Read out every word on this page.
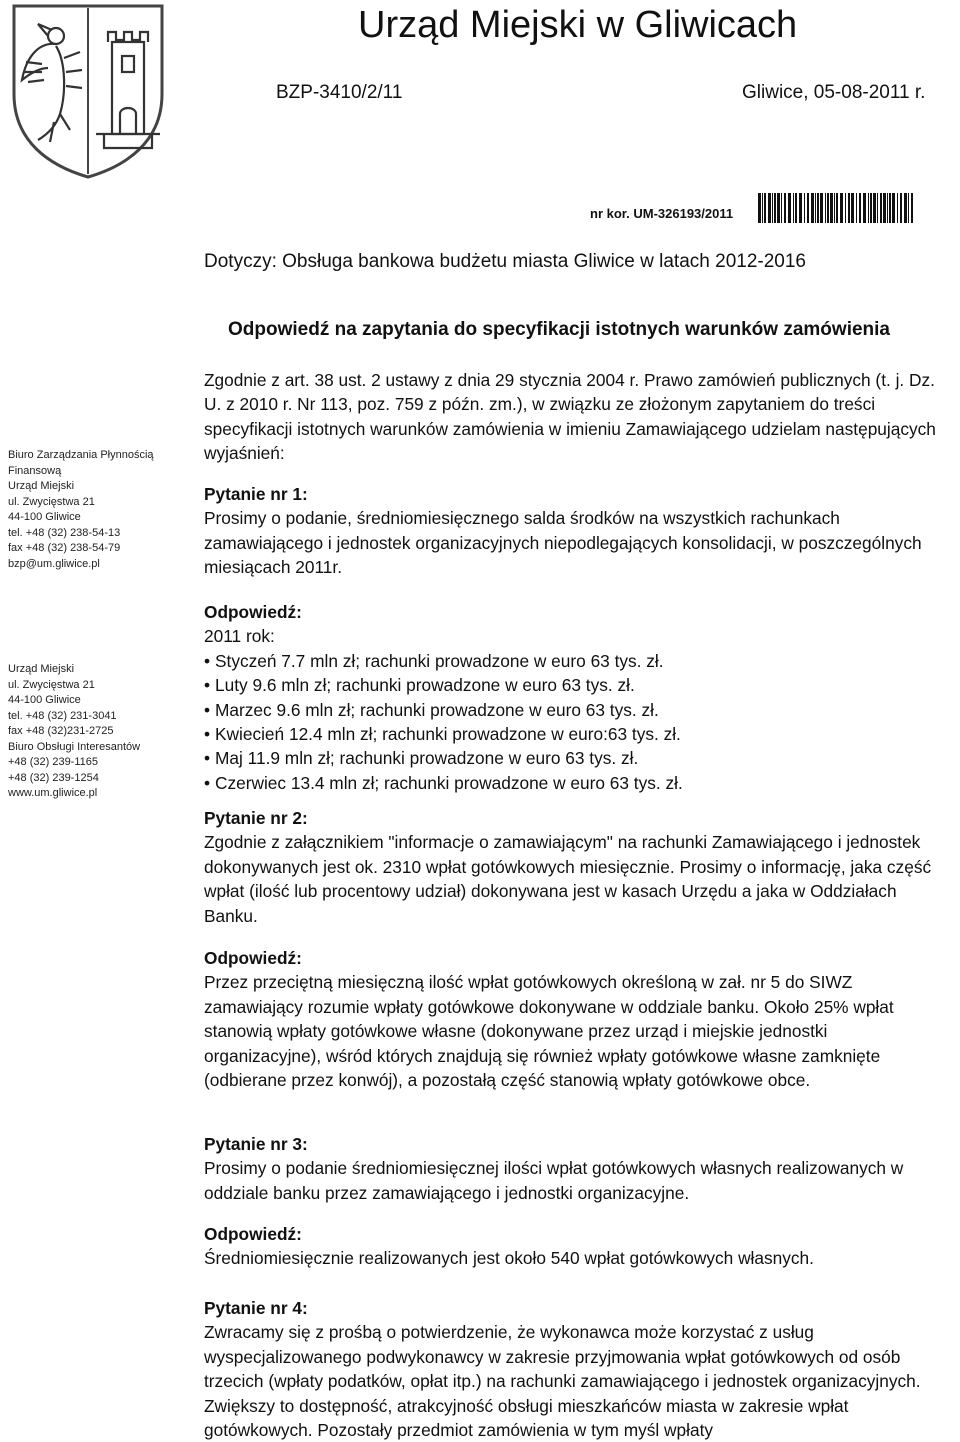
Urząd Miejski w Gliwicach
BZP-3410/2/11	Gliwice, 05-08-2011 r.
nr kor. UM-326193/2011
Dotyczy: Obsługa bankowa budżetu miasta Gliwice w latach 2012-2016
Odpowiedź na zapytania do specyfikacji istotnych warunków zamówienia
Biuro Zarządzania Płynnością
Finansową
Urząd Miejski
ul. Zwycięstwa 21
44-100 Gliwice
tel. +48 (32) 238-54-13
fax +48 (32) 238-54-79
bzp@um.gliwice.pl
Urząd Miejski
ul. Zwycięstwa 21
44-100 Gliwice
tel. +48 (32) 231-3041
fax +48 (32)231-2725
Biuro Obsługi Interesantów
+48 (32) 239-1165
+48 (32) 239-1254
www.um.gliwice.pl

Zgodnie z art. 38 ust. 2 ustawy z dnia 29 stycznia 2004 r. Prawo zamówień publicznych (t. j. Dz. U. z 2010 r. Nr 113, poz. 759 z późn. zm.), w związku ze złożonym zapytaniem do treści specyfikacji istotnych warunków zamówienia w imieniu Zamawiającego udzielam następujących wyjaśnień:

Pytanie nr 1:

Prosimy o podanie, średniomiesięcznego salda środków na wszystkich rachunkach zamawiającego i jednostek organizacyjnych niepodlegających konsolidacji, w poszczególnych miesiącach 2011r.

Odpowiedź:

2011 rok:

• Styczeń 7.7 mln zł; rachunki prowadzone w euro 63 tys. zł.
• Luty 9.6 mln zł; rachunki prowadzone w euro 63 tys. zł.
• Marzec 9.6 mln zł; rachunki prowadzone w euro 63 tys. zł.
• Kwiecień 12.4 mln zł; rachunki prowadzone w euro:63 tys. zł.
• Maj 11.9 mln zł; rachunki prowadzone w euro 63 tys. zł.
• Czerwiec 13.4 mln zł; rachunki prowadzone w euro 63 tys. zł.

Pytanie nr 2:

Zgodnie z załącznikiem "informacje o zamawiającym" na rachunki Zamawiającego i jednostek dokonywanych jest ok. 2310 wpłat gotówkowych miesięcznie. Prosimy o informację, jaka część wpłat (ilość lub procentowy udział) dokonywana jest w kasach Urzędu a jaka w Oddziałach Banku.

Odpowiedź:

Przez przeciętną miesięczną ilość wpłat gotówkowych określoną w zał. nr 5 do SIWZ zamawiający rozumie wpłaty gotówkowe dokonywane w oddziale banku. Około 25% wpłat stanowią wpłaty gotówkowe własne (dokonywane przez urząd i miejskie jednostki organizacyjne), wśród których znajdują się również wpłaty gotówkowe własne zamknięte (odbierane przez konwój), a pozostałą część stanowią wpłaty gotówkowe obce.

Pytanie nr 3:

Prosimy o podanie średniomiesięcznej ilości wpłat gotówkowych własnych realizowanych w oddziale banku przez zamawiającego i jednostki organizacyjne.

Odpowiedź:

Średniomiesięcznie realizowanych jest około 540 wpłat gotówkowych własnych.

Pytanie nr 4:

Zwracamy się z prośbą o potwierdzenie, że wykonawca może korzystać z usług wyspecjalizowanego podwykonawcy w zakresie przyjmowania wpłat gotówkowych od osób trzecich (wpłaty podatków, opłat itp.) na rachunki zamawiającego i jednostek organizacyjnych. Zwiększy to dostępność, atrakcyjność obsługi mieszkańców miasta w zakresie wpłat gotówkowych. Pozostały przedmiot zamówienia w tym myśl wpłaty
